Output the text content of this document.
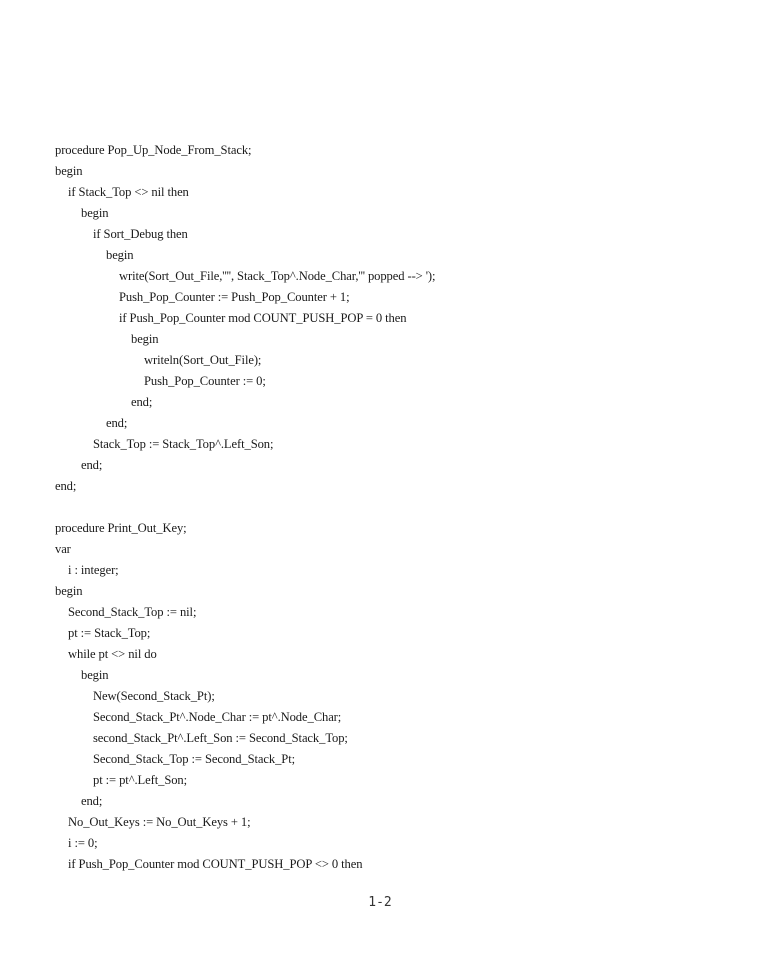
procedure Pop_Up_Node_From_Stack;
begin
if Stack_Top <> nil then
begin
if Sort_Debug then
begin
write(Sort_Out_File,'''', Stack_Top^.Node_Char,''' popped --> ');
Push_Pop_Counter := Push_Pop_Counter + 1;
if Push_Pop_Counter mod COUNT_PUSH_POP = 0 then
begin
writeln(Sort_Out_File);
Push_Pop_Counter := 0;
end;
end;
Stack_Top := Stack_Top^.Left_Son;
end;
end;
procedure Print_Out_Key;
var
i : integer;
begin
Second_Stack_Top := nil;
pt := Stack_Top;
while pt <> nil do
begin
New(Second_Stack_Pt);
Second_Stack_Pt^.Node_Char := pt^.Node_Char;
second_Stack_Pt^.Left_Son := Second_Stack_Top;
Second_Stack_Top := Second_Stack_Pt;
pt := pt^.Left_Son;
end;
No_Out_Keys := No_Out_Keys + 1;
i := 0;
if Push_Pop_Counter mod COUNT_PUSH_POP <> 0 then
1-2
